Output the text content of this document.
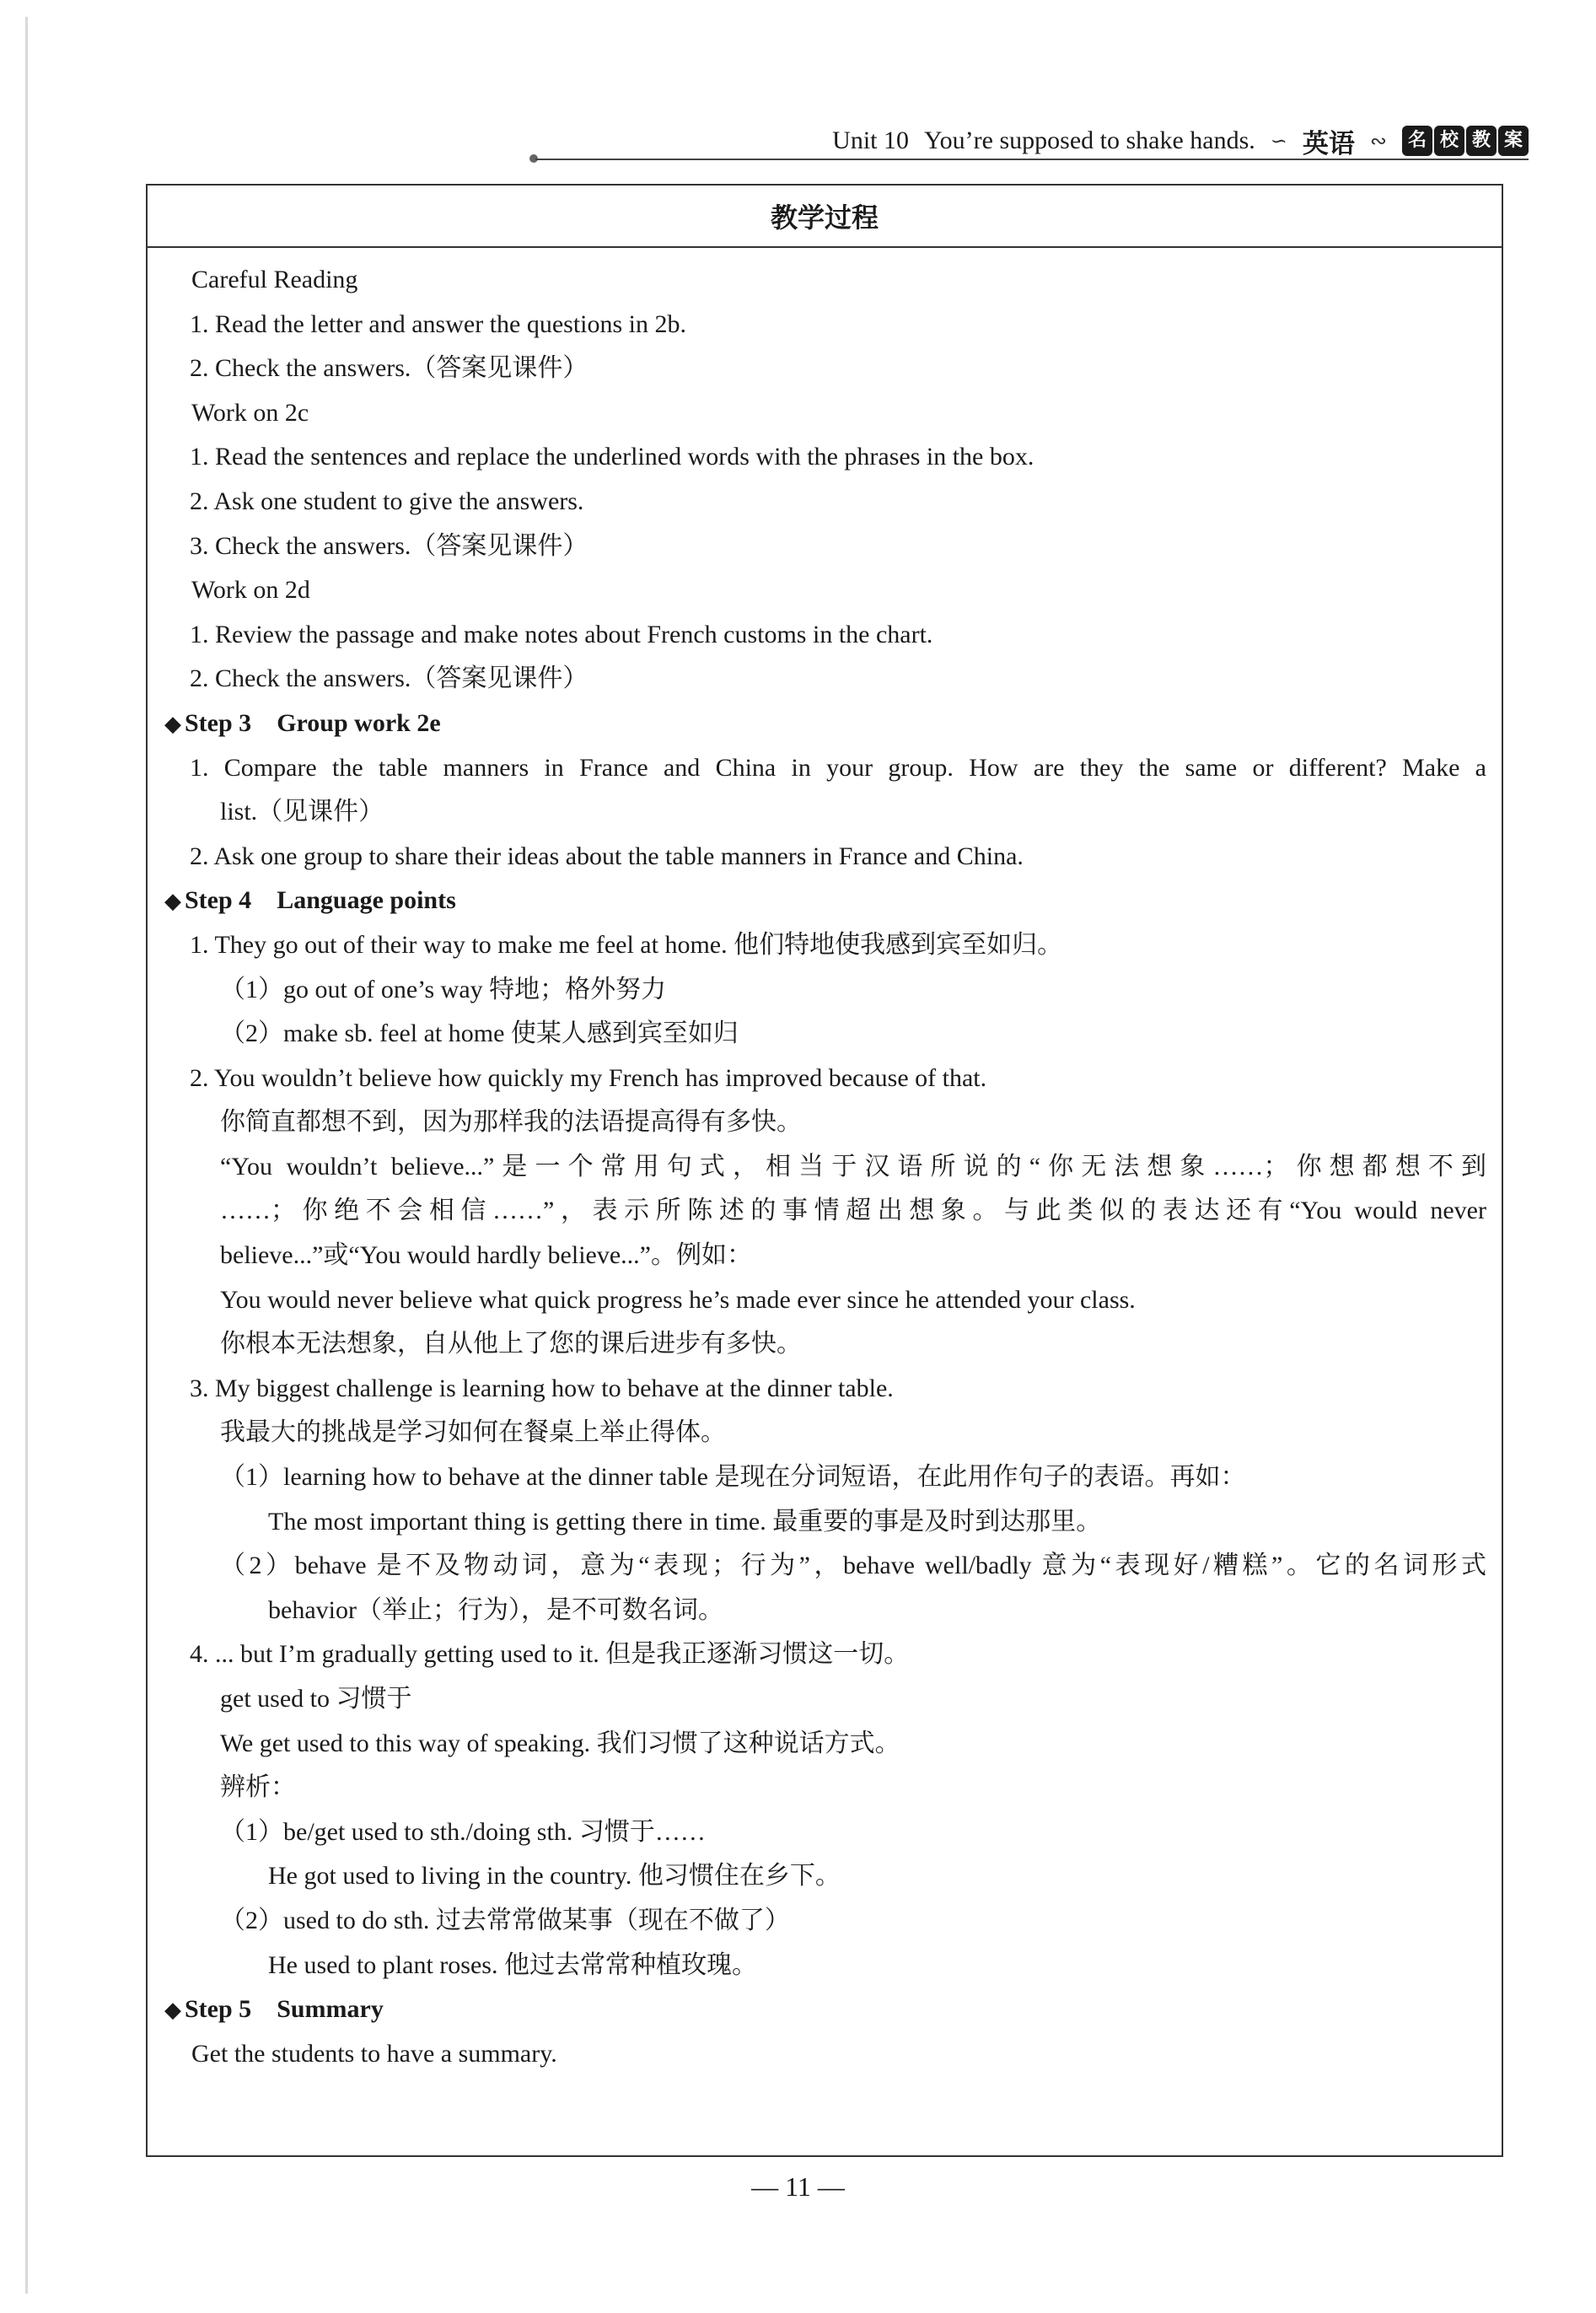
Unit 10 You’re supposed to shake hands. ∽ 英语 ∾	名 校 教 案
教学过程
Careful Reading
1. Read the letter and answer the questions in 2b.
2. Check the answers.（答案见课件）
Work on 2c
1. Read the sentences and replace the underlined words with the phrases in the box.
2. Ask one student to give the answers.
3. Check the answers.（答案见课件）
Work on 2d
1. Review the passage and make notes about French customs in the chart.
2. Check the answers.（答案见课件）
◆ Step 3 Group work 2e
1. Compare the table manners in France and China in your group. How are they the same or different? Make a
list.（见课件）
2. Ask one group to share their ideas about the table manners in France and China.
◆ Step 4 Language points
1. They go out of their way to make me feel at home. 他们特地使我感到宾至如归。
（1）go out of one’s way 特地；格外努力
（2）make sb. feel at home 使某人感到宾至如归
2. You wouldn’t believe how quickly my French has improved because of that.
你简直都想不到，因为那样我的法语提高得有多快。
“You wouldn’t believe...”是一个常用句式，相当于汉语所说的“你无法想象……；你想都想不到
……；你绝不会相信……”，表示所陈述的事情超出想象。与此类似的表达还有“You would never
believe...”或“You would hardly believe...”。例如：
You would never believe what quick progress he’s made ever since he attended your class.
你根本无法想象，自从他上了您的课后进步有多快。
3. My biggest challenge is learning how to behave at the dinner table.
我最大的挑战是学习如何在餐桌上举止得体。
（1）learning how to behave at the dinner table 是现在分词短语，在此用作句子的表语。再如：
The most important thing is getting there in time. 最重要的事是及时到达那里。
（2）behave 是不及物动词，意为“表现；行为”，behave well/badly 意为“表现好/糟糕”。它的名词形式
behavior（举止；行为），是不可数名词。
4. ... but I’m gradually getting used to it. 但是我正逐渐习惯这一切。
get used to 习惯于
We get used to this way of speaking. 我们习惯了这种说话方式。
辨析：
（1）be/get used to sth./doing sth. 习惯于……
He got used to living in the country. 他习惯住在乡下。
（2）used to do sth. 过去常常做某事（现在不做了）
He used to plant roses. 他过去常常种植玫瑰。
◆ Step 5 Summary
Get the students to have a summary.
— 11 —
